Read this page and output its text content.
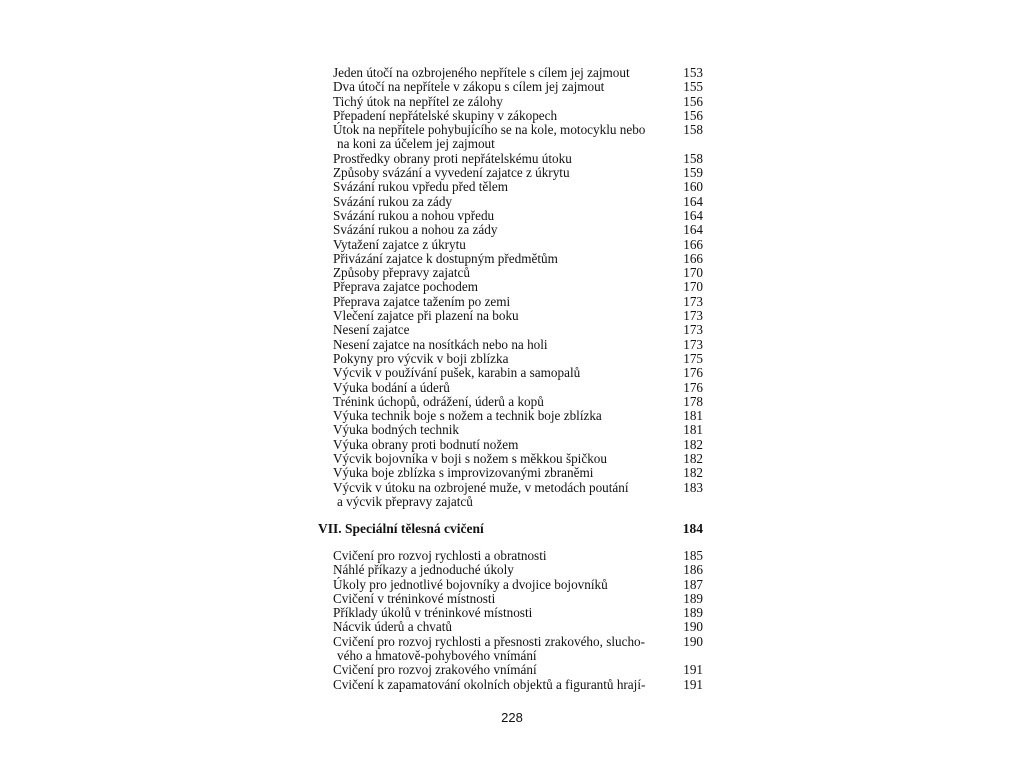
Jeden útočí na ozbrojeného nepřítele s cílem jej zajmout	153
Dva útočí na nepřítele v zákopu s cílem jej zajmout	155
Tichý útok na nepřítel ze zálohy	156
Přepadení nepřátelské skupiny v zákopech	156
Útok na nepřítele pohybujícího se na kole, motocyklu nebo
na koni za účelem jej zajmout
158
Prostředky obrany proti nepřátelskému útoku	158
Způsoby svázání a vyvedení zajatce z úkrytu	159
Svázání rukou vpředu před tělem	160
Svázání rukou za zády	164
Svázání rukou a nohou vpředu	164
Svázání rukou a nohou za zády	164
Vytažení zajatce z úkrytu	166
Přivázání zajatce k dostupným předmětům	166
Způsoby přepravy zajatců	170
Přeprava zajatce pochodem	170
Přeprava zajatce tažením po zemi	173
Vlečení zajatce při plazení na boku	173
Nesení zajatce	173
Nesení zajatce na nosítkách nebo na holi	173
Pokyny pro výcvik v boji zblízka	175
Výcvik v používání pušek, karabin a samopalů	176
Výuka bodání a úderů	176
Trénink úchopů, odrážení, úderů a kopů	178
Výuka technik boje s nožem a technik boje zblízka	181
Výuka bodných technik	181
Výuka obrany proti bodnutí nožem	182
Výcvik bojovníka v boji s nožem s měkkou špičkou	182
Výuka boje zblízka s improvizovanými zbraněmi	182
Výcvik v útoku na ozbrojené muže, v metodách poutání
a výcvik přepravy zajatců
183
VII. Speciální tělesná cvičení	184
Cvičení pro rozvoj rychlosti a obratnosti	185
Náhlé příkazy a jednoduché úkoly	186
Úkoly pro jednotlivé bojovníky a dvojice bojovníků	187
Cvičení v tréninkové místnosti	189
Příklady úkolů v tréninkové místnosti	189
Nácvik úderů a chvatů	190
Cvičení pro rozvoj rychlosti a přesnosti zrakového, slucho-
vého a hmatově-pohybového vnímání
190
Cvičení pro rozvoj zrakového vnímání	191
Cvičení k zapamatování okolních objektů a figurantů hrají-	191
228
